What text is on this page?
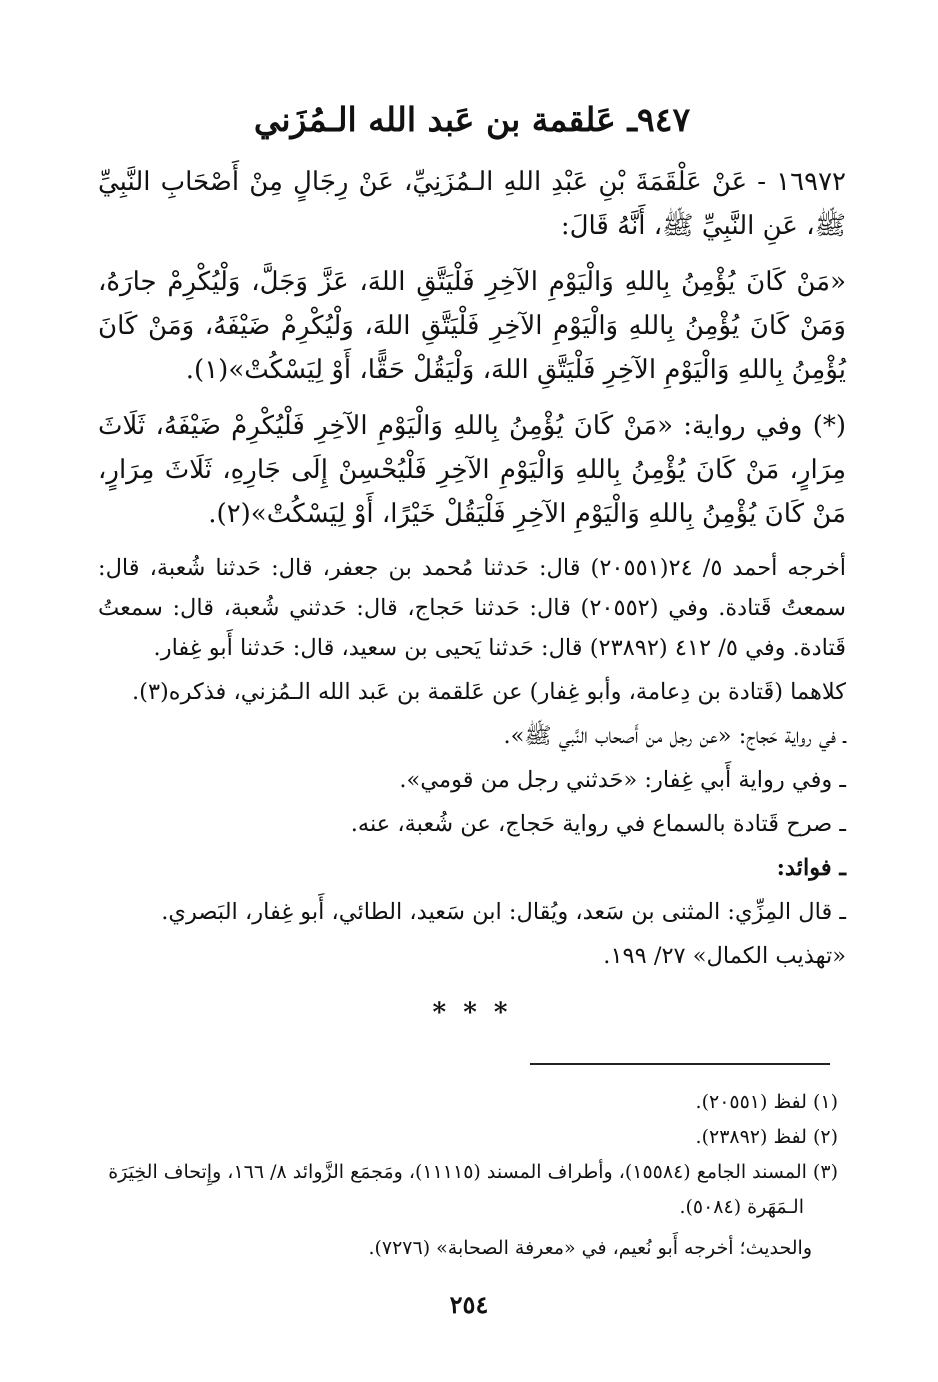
٩٤٧ـ عَلقمة بن عَبد الله الـمُزَني

١٦٩٧٢ - عَنْ عَلْقَمَةَ بْنِ عَبْدِ اللهِ الـمُزَنِيِّ، عَنْ رِجَالٍ مِنْ أَصْحَابِ النَّبِيِّ ﷺ، عَنِ النَّبِيِّ ﷺ، أَنَّهُ قَالَ:

«مَنْ كَانَ يُؤْمِنُ بِاللهِ وَالْيَوْمِ الآخِرِ فَلْيَتَّقِ اللهَ، عَزَّ وَجَلَّ، وَلْيُكْرِمْ جارَهُ، وَمَنْ كَانَ يُؤْمِنُ بِاللهِ وَالْيَوْمِ الآخِرِ فَلْيَتَّقِ اللهَ، وَلْيُكْرِمْ ضَيْفَهُ، وَمَنْ كَانَ يُؤْمِنُ بِاللهِ وَالْيَوْمِ الآخِرِ فَلْيَتَّقِ اللهَ، وَلْيَقُلْ حَقًّا، أَوْ لِيَسْكُتْ»(١).

(*) وفي رواية: «مَنْ كَانَ يُؤْمِنُ بِاللهِ وَالْيَوْمِ الآخِرِ فَلْيُكْرِمْ ضَيْفَهُ، ثَلَاثَ مِرَارٍ، مَنْ كَانَ يُؤْمِنُ بِاللهِ وَالْيَوْمِ الآخِرِ فَلْيُحْسِنْ إِلَى جَارِهِ، ثَلَاثَ مِرَارٍ، مَنْ كَانَ يُؤْمِنُ بِاللهِ وَالْيَوْمِ الآخِرِ فَلْيَقُلْ خَيْرًا، أَوْ لِيَسْكُتْ»(٢).

أخرجه أحمد ٥/ ٢٤(٢٠٥٥١) قال: حَدثنا مُحمد بن جعفر، قال: حَدثنا شُعبة، قال: سمعتُ قَتادة. وفي (٢٠٥٥٢) قال: حَدثنا حَجاج، قال: حَدثني شُعبة، قال: سمعتُ قَتادة. وفي ٥/ ٤١٢ (٢٣٨٩٢) قال: حَدثنا يَحيى بن سعيد، قال: حَدثنا أَبو غِفار.

كلاهما (قَتادة بن دِعامة، وأبو غِفار) عن عَلقمة بن عَبد الله الـمُزني، فذكره(٣).

ـ في رواية حَجاج: «عن رجل من أَصحاب النَّبي ﷺ».

ـ وفي رواية أَبي غِفار: «حَدثني رجل من قومي».

ـ صرح قَتادة بالسماع في رواية حَجاج، عن شُعبة، عنه.

ـ فوائد:

ـ قال المِزِّي: المثنى بن سَعد، ويُقال: ابن سَعيد، الطائي، أَبو غِفار، البَصري. «تهذيب الكمال» ٢٧/ ١٩٩.

* * *

(١) لفظ (٢٠٥٥١).

(٢) لفظ (٢٣٨٩٢).

(٣) المسند الجامع (١٥٥٨٤)، وأطراف المسند (١١١١٥)، ومَجمَع الزَّوائد ٨/ ١٦٦، وإِتحاف الخِيَرَة

الـمَهَرة (٥٠٨٤).

والحديث؛ أخرجه أَبو نُعيم، في «معرفة الصحابة» (٧٢٧٦).

٢٥٤
